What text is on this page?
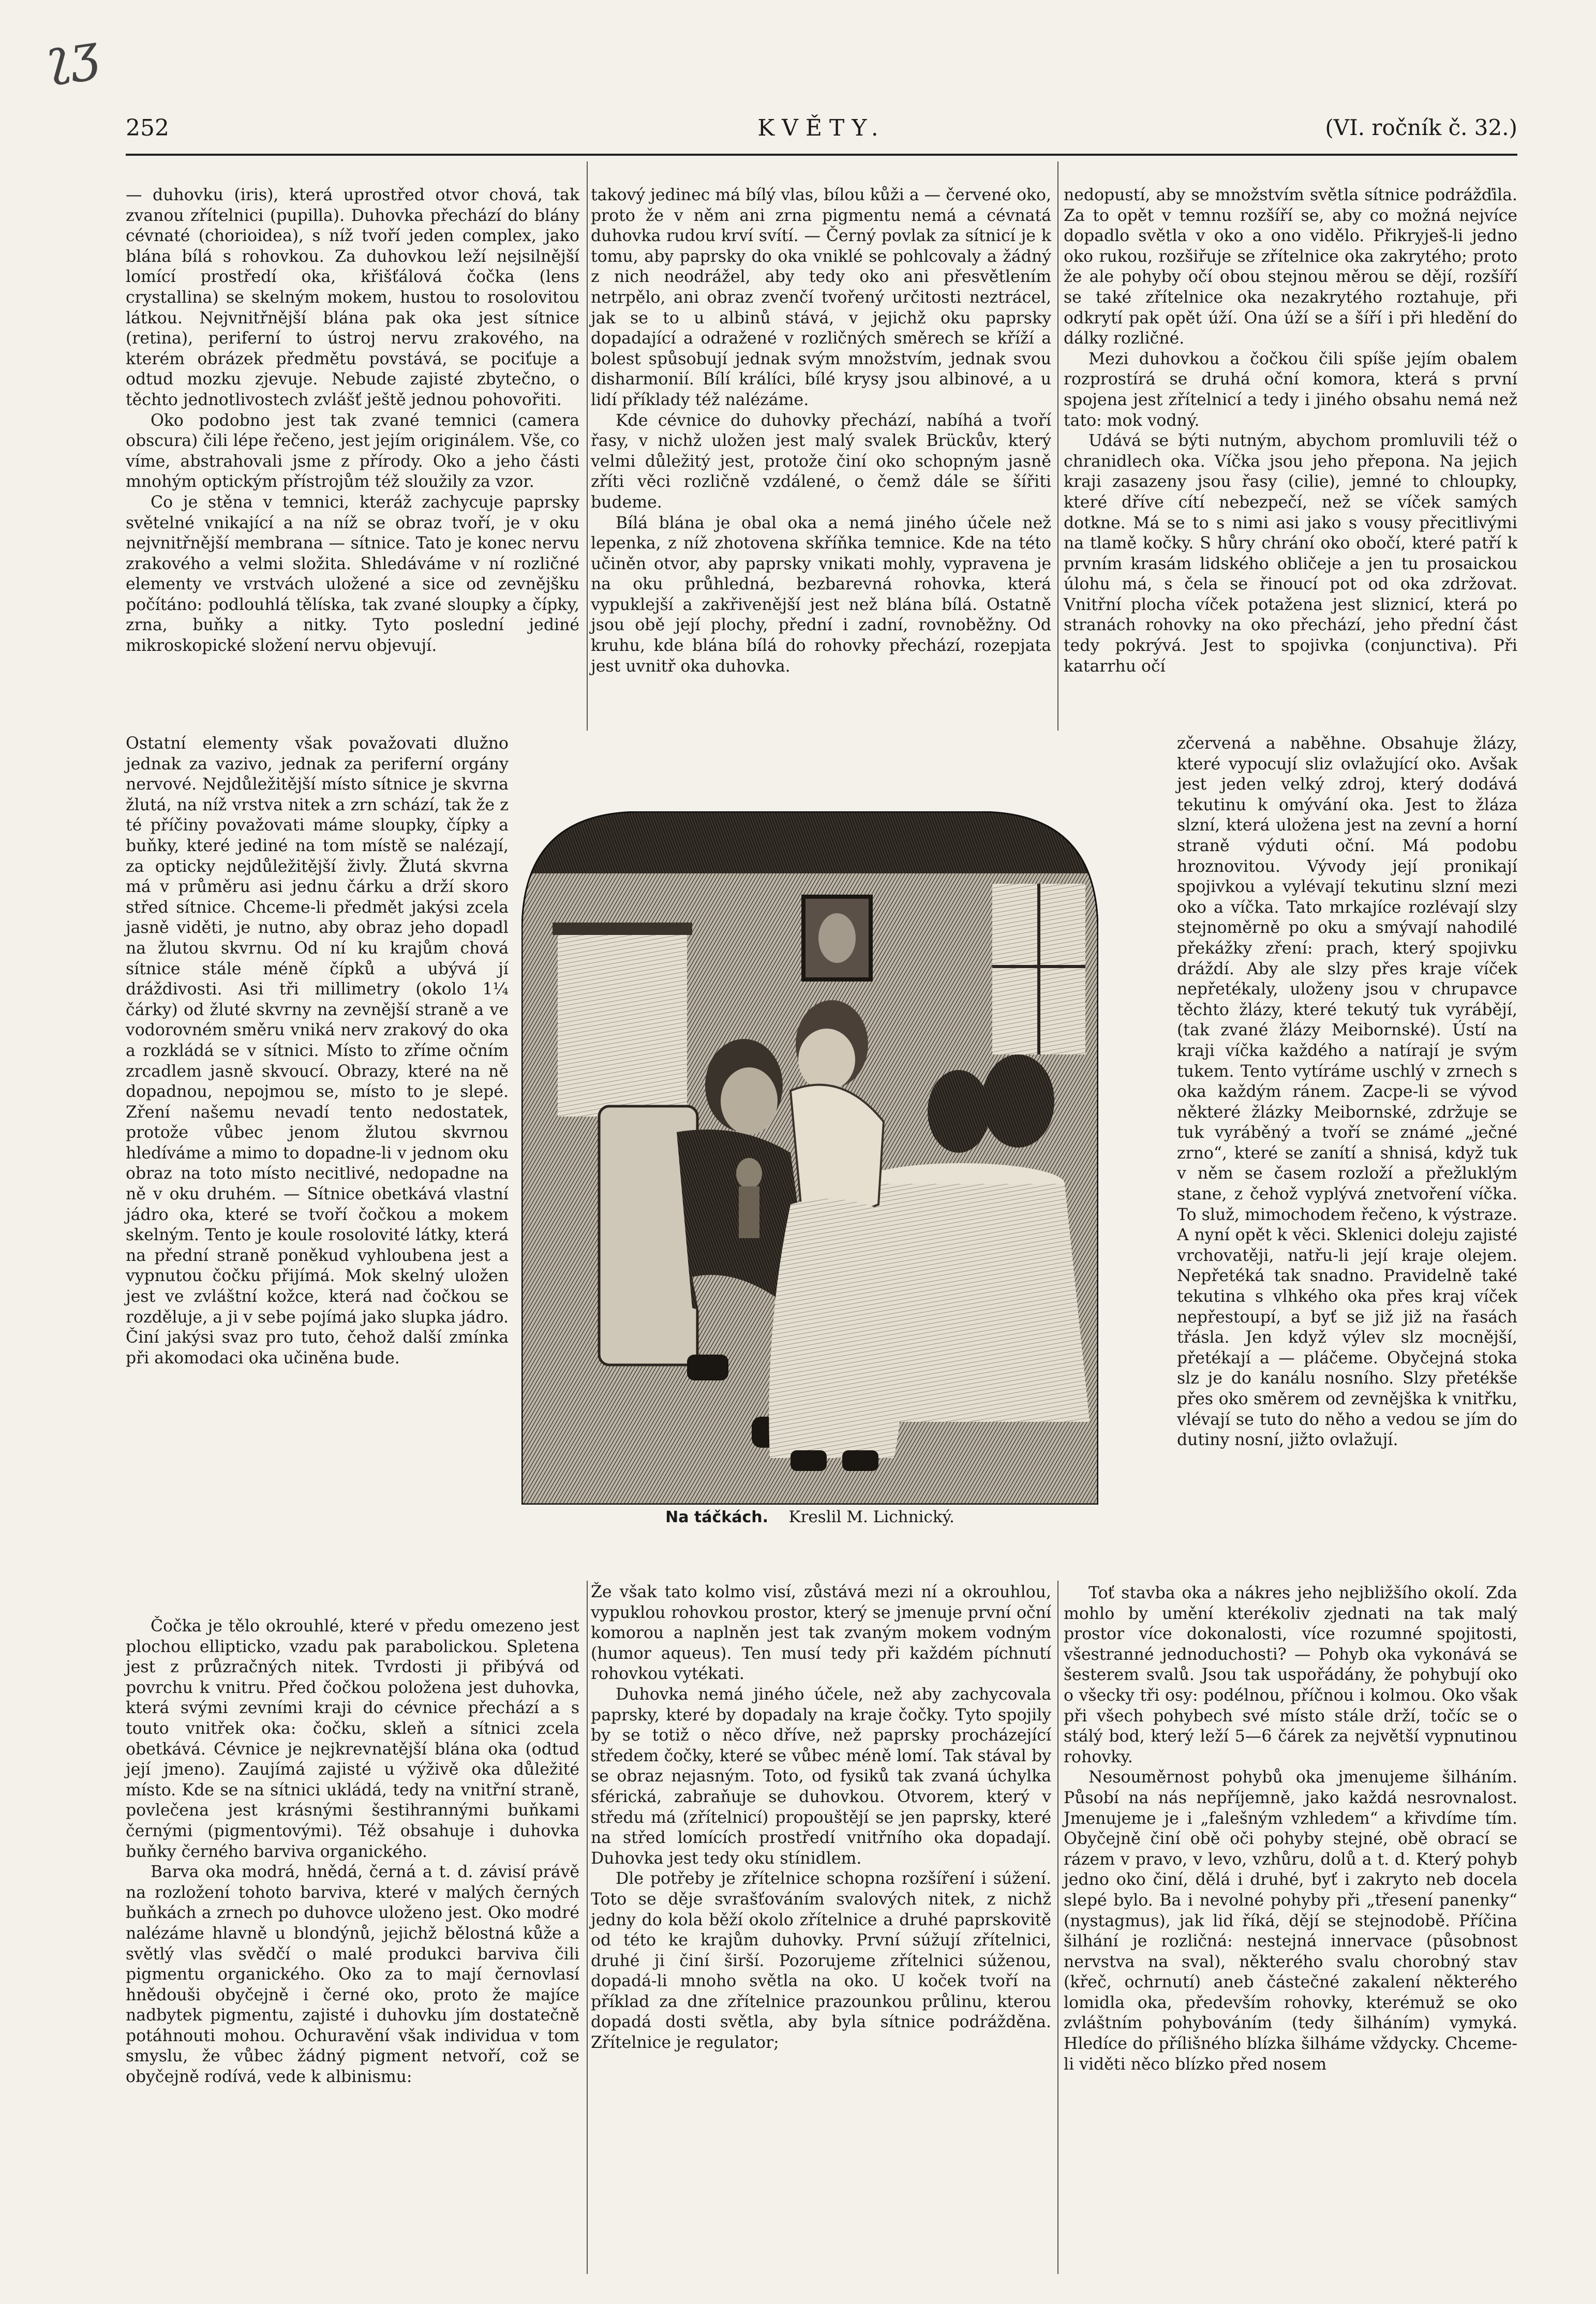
ʅʒ
252	KVĚTY.	(VI. ročník č. 32.)

— duhovku (iris), která uprostřed otvor chová, tak zvanou zřítelnici (pupilla). Duhovka přechází do blány cévnaté (chorioidea), s níž tvoří jeden complex, jako blána bílá s rohovkou. Za duhovkou leží nejsilnější lomící prostředí oka, křišťálová čočka (lens crystallina) se skelným mokem, hustou to rosolovitou látkou. Nejvnitřnější blána pak oka jest sítnice (retina), periferní to ústroj nervu zrakového, na kterém obrázek předmětu povstává, se pociťuje a odtud mozku zjevuje. Nebude zajisté zbytečno, o těchto jednotlivostech zvlášť ještě jednou pohovořiti.

Oko podobno jest tak zvané temnici (camera obscura) čili lépe řečeno, jest jejím originálem. Vše, co víme, abstrahovali jsme z přírody. Oko a jeho části mnohým optickým přístrojům též sloužily za vzor.

Co je stěna v temnici, kteráž zachycuje paprsky světelné vnikající a na níž se obraz tvoří, je v oku nejvnitřnější membrana — sítnice. Tato je konec nervu zrakového a velmi složita. Shledáváme v ní rozličné elementy ve vrstvách uložené a sice od zevnějšku počítáno: podlouhlá tělíska, tak zvané sloupky a čípky, zrna, buňky a nitky. Tyto poslední jediné mikroskopické složení nervu objevují.

Ostatní elementy však považovati dlužno jednak za vazivo, jednak za periferní orgány nervové. Nejdůležitější místo sítnice je skvrna žlutá, na níž vrstva nitek a zrn schází, tak že z té příčiny považovati máme sloupky, čípky a buňky, které jediné na tom místě se nalézají, za opticky nejdůležitější živly. Žlutá skvrna má v průměru asi jednu čárku a drží skoro střed sítnice. Chceme-li předmět jakýsi zcela jasně viděti, je nutno, aby obraz jeho dopadl na žlutou skvrnu. Od ní ku krajům chová sítnice stále méně čípků a ubývá jí dráždivosti. Asi tři millimetry (okolo 1¼ čárky) od žluté skvrny na zevnější straně a ve vodorovném směru vniká nerv zrakový do oka a rozkládá se v sítnici. Místo to zříme očním zrcadlem jasně skvoucí. Obrazy, které na ně dopadnou, nepojmou se, místo to je slepé. Zření našemu nevadí tento nedostatek, protože vůbec jenom žlutou skvrnou hledíváme a mimo to dopadne-li v jednom oku obraz na toto místo necitlivé, nedopadne na ně v oku druhém. — Sítnice obetkává vlastní jádro oka, které se tvoří čočkou a mokem skelným. Tento je koule rosolovité látky, která na přední straně poněkud vyhloubena jest a vypnutou čočku přijímá. Mok skelný uložen jest ve zvláštní kožce, která nad čočkou se rozděluje, a ji v sebe pojímá jako slupka jádro. Činí jakýsi svaz pro tuto, čehož další zmínka při akomodaci oka učiněna bude.

Čočka je tělo okrouhlé, které v předu omezeno jest plochou ellipticko, vzadu pak parabolickou. Spletena jest z průzračných nitek. Tvrdosti ji přibývá od povrchu k vnitru. Před čočkou položena jest duhovka, která svými zevními kraji do cévnice přechází a s touto vnitřek oka: čočku, skleň a sítnici zcela obetkává. Cévnice je nejkrevnatější blána oka (odtud její jmeno). Zaujímá zajisté u výživě oka důležité místo. Kde se na sítnici ukládá, tedy na vnitřní straně, povlečena jest krásnými šestihrannými buňkami černými (pigmentovými). Též obsahuje i duhovka buňky černého barviva organického.

Barva oka modrá, hnědá, černá a t. d. závisí právě na rozložení tohoto barviva, které v malých černých buňkách a zrnech po duhovce uloženo jest. Oko modré nalézáme hlavně u blondýnů, jejichž bělostná kůže a světlý vlas svědčí o malé produkci barviva čili pigmentu organického. Oko za to mají černovlasí hnědouši obyčejně i černé oko, proto že majíce nadbytek pigmentu, zajisté i duhovku jím dostatečně potáhnouti mohou. Ochuravění však individua v tom smyslu, že vůbec žádný pigment netvoří, což se obyčejně rodívá, vede k albinismu:

takový jedinec má bílý vlas, bílou kůži a — červené oko, proto že v něm ani zrna pigmentu nemá a cévnatá duhovka rudou krví svítí. — Černý povlak za sítnicí je k tomu, aby paprsky do oka vniklé se pohlcovaly a žádný z nich neodrážel, aby tedy oko ani přesvětlením netrpělo, ani obraz zvenčí tvořený určitosti neztrácel, jak se to u albinů stává, v jejichž oku paprsky dopadající a odražené v rozličných směrech se kříží a bolest spůsobují jednak svým množstvím, jednak svou disharmonií. Bílí králíci, bílé krysy jsou albinové, a u lidí příklady též nalézáme.

Kde cévnice do duhovky přechází, nabíhá a tvoří řasy, v nichž uložen jest malý svalek Brückův, který velmi důležitý jest, protože činí oko schopným jasně zříti věci rozličně vzdálené, o čemž dále se šířiti budeme.

Bílá blána je obal oka a nemá jiného účele než lepenka, z níž zhotovena skříňka temnice. Kde na této učiněn otvor, aby paprsky vnikati mohly, vypravena je na oku průhledná, bezbarevná rohovka, která vypuklejší a zakřivenější jest než blána bílá. Ostatně jsou obě její plochy, přední i zadní, rovnoběžny. Od kruhu, kde blána bílá do rohovky přechází, rozepjata jest uvnitř oka duhovka.

Že však tato kolmo visí, zůstává mezi ní a okrouhlou, vypuklou rohovkou prostor, který se jmenuje první oční komorou a naplněn jest tak zvaným mokem vodným (humor aqueus). Ten musí tedy při každém píchnutí rohovkou vytékati.

Duhovka nemá jiného účele, než aby zachycovala paprsky, které by dopadaly na kraje čočky. Tyto spojily by se totiž o něco dříve, než paprsky procházející středem čočky, které se vůbec méně lomí. Tak stával by se obraz nejasným. Toto, od fysiků tak zvaná úchylka sférická, zabraňuje se duhovkou. Otvorem, který v středu má (zřítelnicí) propouštějí se jen paprsky, které na střed lomících prostředí vnitřního oka dopadají. Duhovka jest tedy oku stínidlem.

Dle potřeby je zřítelnice schopna rozšíření i súžení. Toto se děje svrašťováním svalových nitek, z nichž jedny do kola běží okolo zřítelnice a druhé paprskovitě od této ke krajům duhovky. První súžují zřítelnici, druhé ji činí širší. Pozorujeme zřítelnici súženou, dopadá-li mnoho světla na oko. U koček tvoří na příklad za dne zřítelnice prazounkou průlinu, kterou dopadá dosti světla, aby byla sítnice podrážděna. Zřítelnice je regulator;

nedopustí, aby se množstvím světla sítnice podrážďila. Za to opět v temnu rozšíří se, aby co možná nejvíce dopadlo světla v oko a ono vidělo. Přikryješ-li jedno oko rukou, rozšiřuje se zřítelnice oka zakrytého; proto že ale pohyby očí obou stejnou měrou se dějí, rozšíří se také zřítelnice oka nezakrytého roztahuje, při odkrytí pak opět úží. Ona úží se a šíří i při hledění do dálky rozličné.

Mezi duhovkou a čočkou čili spíše jejím obalem rozprostírá se druhá oční komora, která s první spojena jest zřítelnicí a tedy i jiného obsahu nemá než tato: mok vodný.

Udává se býti nutným, abychom promluvili též o chranidlech oka. Víčka jsou jeho přepona. Na jejich kraji zasazeny jsou řasy (cilie), jemné to chloupky, které dříve cítí nebezpečí, než se víček samých dotkne. Má se to s nimi asi jako s vousy přecitlivými na tlamě kočky. S hůry chrání oko obočí, které patří k prvním krasám lidského obličeje a jen tu prosaickou úlohu má, s čela se řinoucí pot od oka zdržovat. Vnitřní plocha víček potažena jest sliznicí, která po stranách rohovky na oko přechází, jeho přední část tedy pokrývá. Jest to spojivka (conjunctiva). Při katarrhu očí

zčervená a naběhne. Obsahuje žlázy, které vypocují sliz ovlažující oko. Avšak jest jeden velký zdroj, který dodává tekutinu k omývání oka. Jest to žláza slzní, která uložena jest na zevní a horní straně výduti oční. Má podobu hroznovitou. Vývody její pronikají spojivkou a vylévají tekutinu slzní mezi oko a víčka. Tato mrkajíce rozlévají slzy stejnoměrně po oku a smývají nahodilé překážky zření: prach, který spojivku dráždí. Aby ale slzy přes kraje víček nepřetékaly, uloženy jsou v chrupavce těchto žlázy, které tekutý tuk vyrábějí, (tak zvané žlázy Meibornské). Ústí na kraji víčka každého a natírají je svým tukem. Tento vytíráme uschlý v zrnech s oka každým ránem. Zacpe-li se vývod některé žlázky Meibornské, zdržuje se tuk vyráběný a tvoří se známé „ječné zrno“, které se zanítí a shnisá, když tuk v něm se časem rozloží a přežluklým stane, z čehož vyplývá znetvoření víčka. To služ, mimochodem řečeno, k výstraze. A nyní opět k věci. Sklenici doleju zajisté vrchovatěji, natřu-li její kraje olejem. Nepřetéká tak snadno. Pravidelně také tekutina s vlhkého oka přes kraj víček nepřestoupí, a byť se již již na řasách třásla. Jen když výlev slz mocnější, přetékají a — pláčeme. Obyčejná stoka slz je do kanálu nosního. Slzy přetékše přes oko směrem od zevnějška k vnitřku, vlévají se tuto do něho a vedou se jím do dutiny nosní, jižto ovlažují.

Toť stavba oka a nákres jeho nejbližšího okolí. Zda mohlo by umění kterékoliv zjednati na tak malý prostor více dokonalosti, více rozumné spojitosti, všestranné jednoduchosti? — Pohyb oka vykonává se šesterem svalů. Jsou tak uspořádány, že pohybují oko o všecky tři osy: podélnou, příčnou i kolmou. Oko však při všech pohybech své místo stále drží, točíc se o stálý bod, který leží 5—6 čárek za největší vypnutinou rohovky.

Nesouměrnost pohybů oka jmenujeme šilháním. Působí na nás nepříjemně, jako každá nesrovnalost. Jmenujeme je i „falešným vzhledem“ a křivdíme tím. Obyčejně činí obě oči pohyby stejné, obě obrací se rázem v pravo, v levo, vzhůru, dolů a t. d. Který pohyb jedno oko činí, dělá i druhé, byť i zakryto neb docela slepé bylo. Ba i nevolné pohyby při „třesení panenky“ (nystagmus), jak lid říká, dějí se stejnodobě. Příčina šilhání je rozličná: nestejná innervace (působnost nervstva na sval), některého svalu chorobný stav (křeč, ochrnutí) aneb částečné zakalení některého lomidla oka, především rohovky, kterémuž se oko zvláštním pohybováním (tedy šilháním) vymyká. Hledíce do přílišného blízka šilháme vždycky. Chceme-li viděti něco blízko před nosem

Na táčkách. Kreslil M. Lichnický.
